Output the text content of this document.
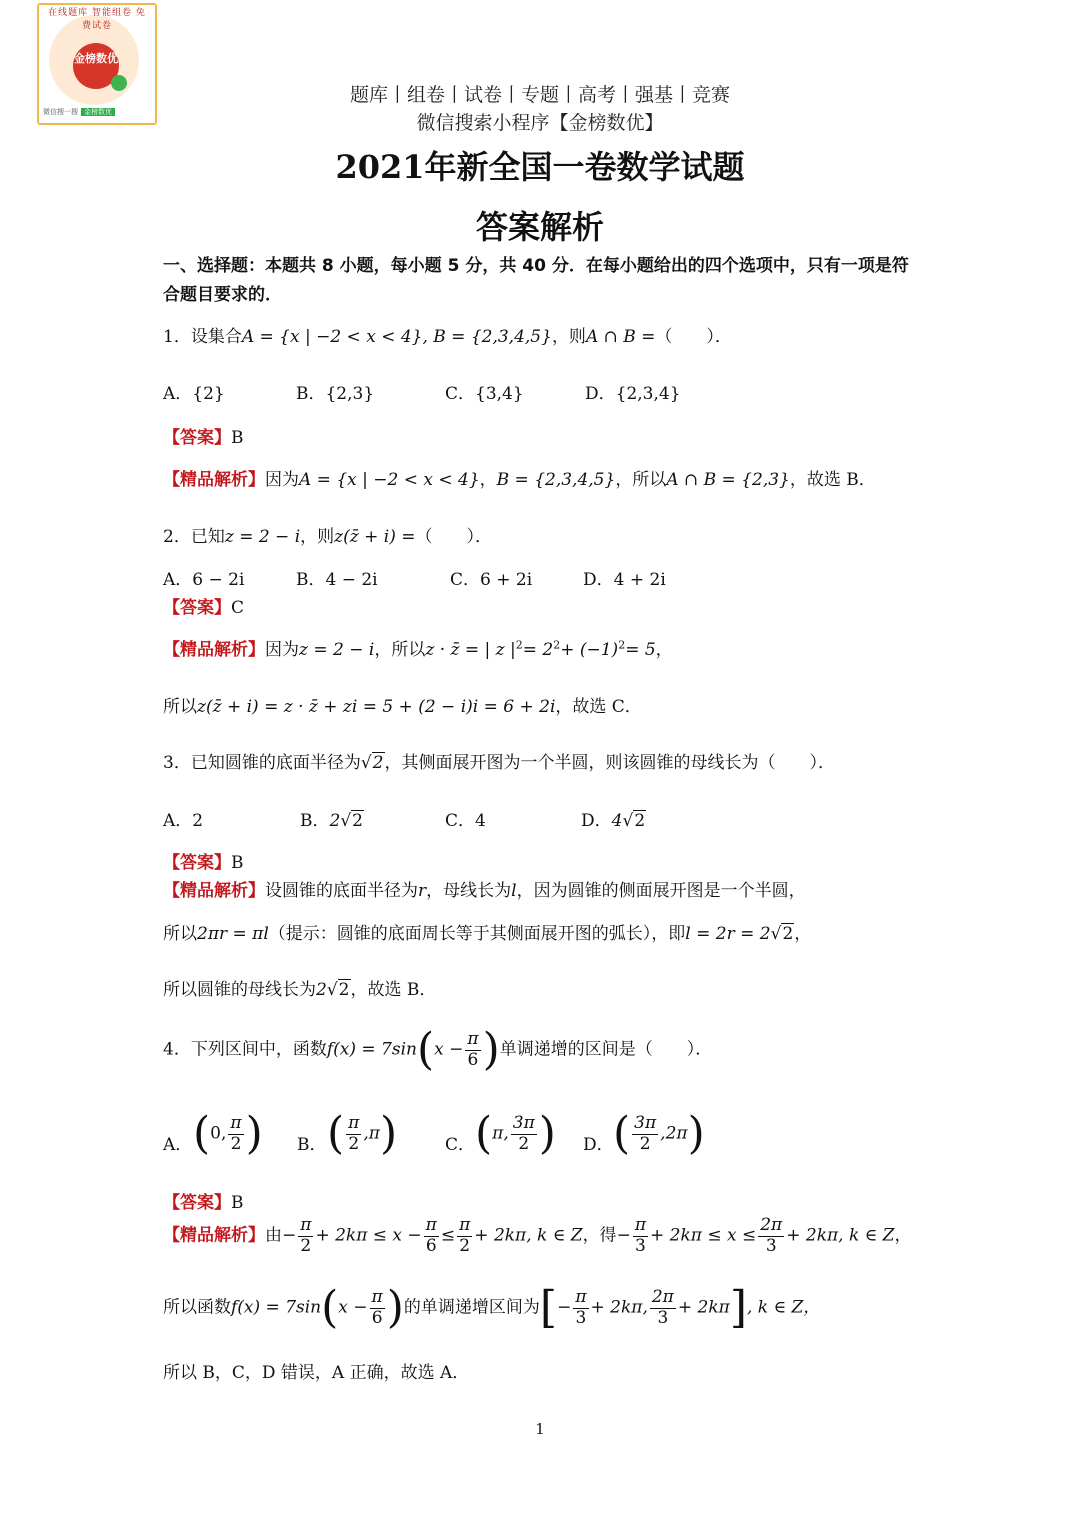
在线题库 智能组卷 免费试卷
金榜数优
微信搜一搜 金榜数优
题库丨组卷丨试卷丨专题丨高考丨强基丨竞赛
微信搜索小程序【金榜数优】
2021年新全国一卷数学试题
答案解析
一、选择题：本题共 8 小题，每小题 5 分，共 40 分．在每小题给出的四个选项中，只有一项是符合题目要求的．
1．设集合A = {x | −2 < x < 4}, B = {2,3,4,5}，则A ∩ B =（　　）．
A．{2}	B．{2,3}	C．{3,4}	D．{2,3,4}
【答案】B
【精品解析】因为A = {x | −2 < x < 4}，B = {2,3,4,5}，所以A ∩ B = {2,3}，故选 B．
2．已知z = 2 − i，则z(z̄ + i) =（　　）．
A．6 − 2i	B．4 − 2i	C．6 + 2i	D．4 + 2i
【答案】C
【精品解析】因为z = 2 − i，所以z · z̄ = | z $|^2= 2^2+ (-1)^2= 5$，
所以z(z̄ + i) = z · z̄ + zi = 5 + (2 − i)i = 6 + 2i，故选 C．
3．已知圆锥的底面半径为√2，其侧面展开图为一个半圆，则该圆锥的母线长为（　　）．
A．2	B．2√2	C．4	D．4√2
【答案】B
【精品解析】设圆锥的底面半径为r，母线长为l，因为圆锥的侧面展开图是一个半圆，
所以2πr = πl（提示：圆锥的底面周长等于其侧面展开图的弧长），即l = 2r = 2√2，
所以圆锥的母线长为2√2，故选 B．
4．下列区间中，函数$f(x) = 7\sin(x - \frac{\pi}{6}$ )单调递增的区间是（　　）．
A． (0, $\frac{\pi}{2}$ ) B． ( $\frac{\pi}{2} ,\pi$)	C． (π, $\frac{3\pi}{2}$ ) D． ( $\frac{3\pi}{2} ,2\pi$)
【答案】B
【精品解析】由− $\frac{\pi}{2} + 2k\pi \le x - \frac{\pi}{6} \le \frac{\pi}{2} + 2k\pi$, k ∈ Z，得− $\frac{\pi}{3} + 2k\pi \le x \le \frac{2\pi}{3} + 2k\pi$, k ∈ Z，
所以函数$f(x) = 7\sin(x - \frac{\pi}{6}$ )的单调递增区间为[− $\frac{\pi}{3} + 2k\pi$, $\frac{2\pi}{3} + 2k\pi$], k ∈ Z，
所以 B，C，D 错误，A 正确，故选 A．
1
